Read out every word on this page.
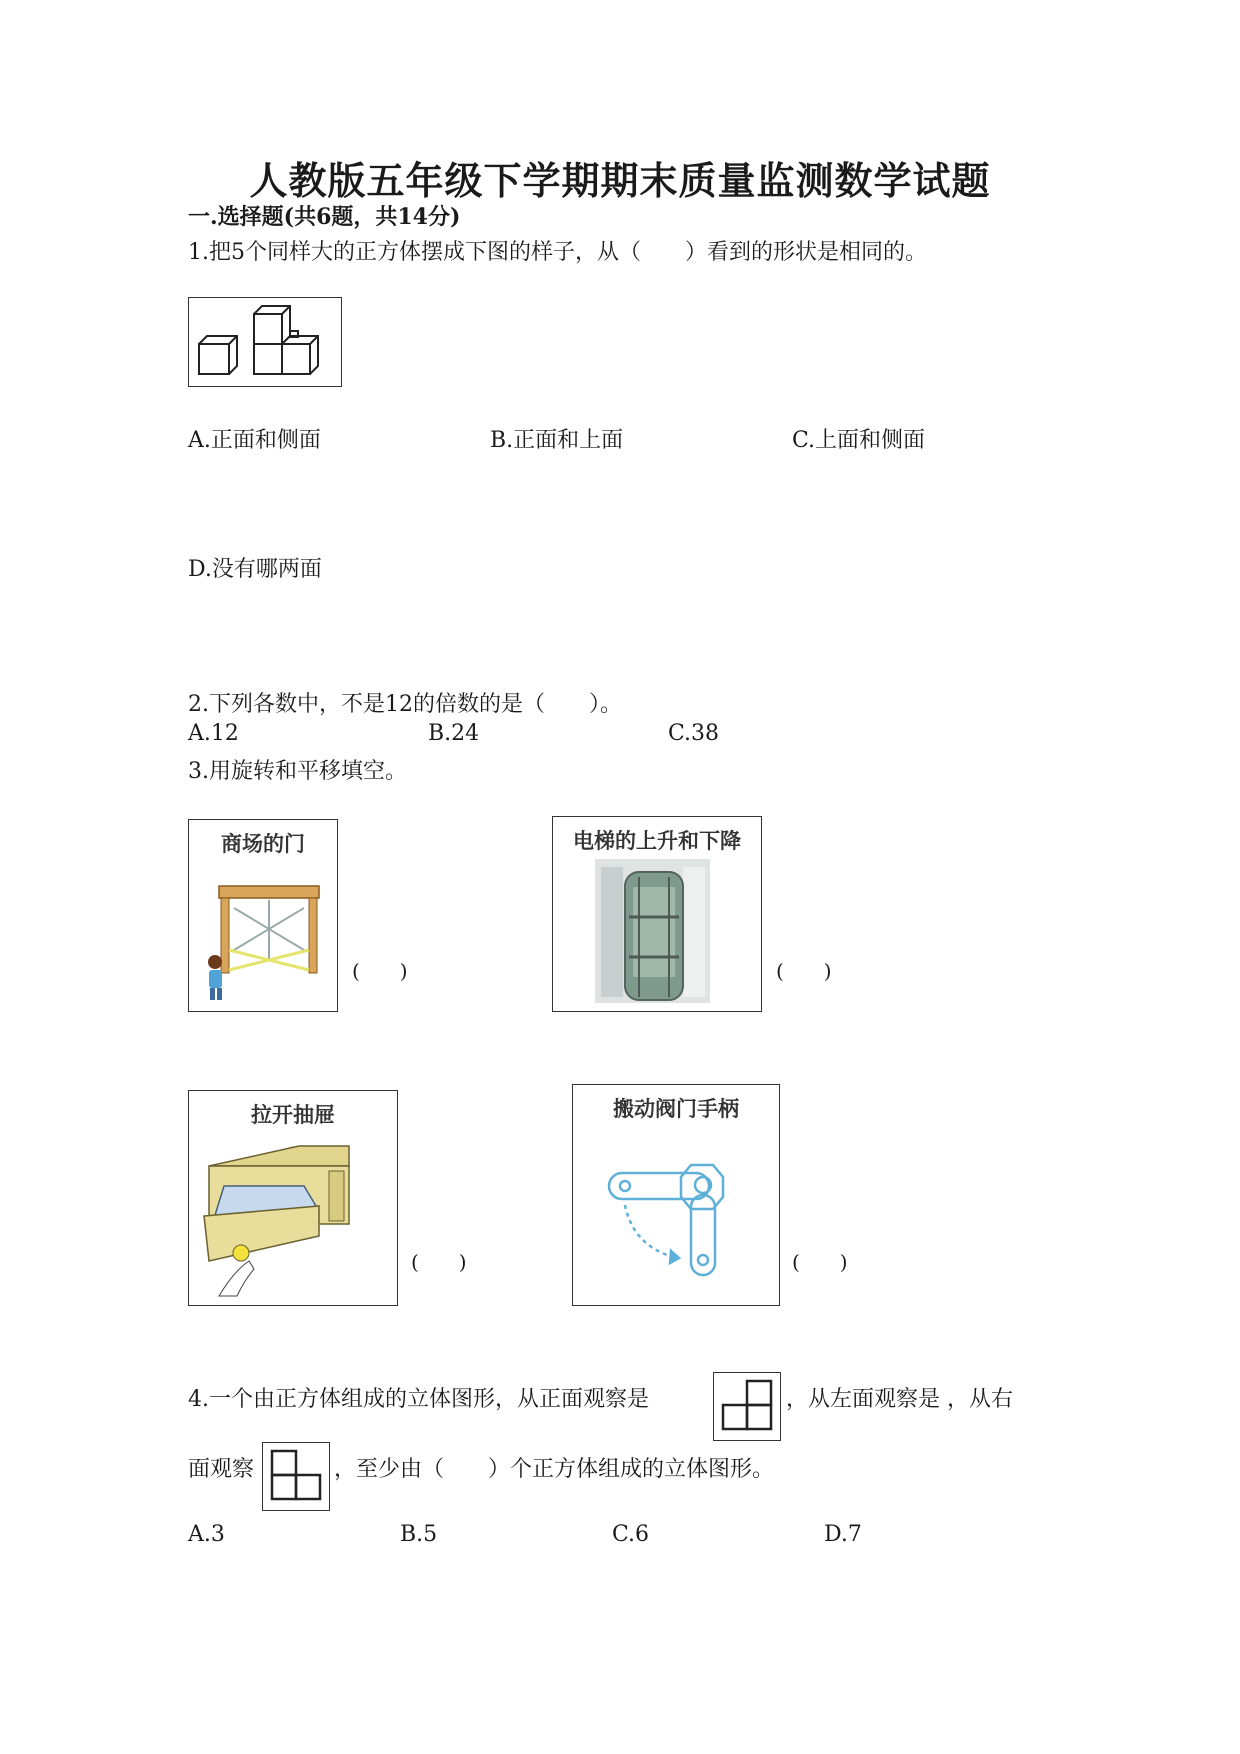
人教版五年级下学期期末质量监测数学试题
一.选择题(共6题，共14分)
1.把5个同样大的正方体摆成下图的样子，从（　　）看到的形状是相同的。
A.正面和侧面	B.正面和上面	C.上面和侧面
D.没有哪两面
2.下列各数中，不是12的倍数的是（　　）。
A.12	B.24	C.38
3.用旋转和平移填空。
商场的门
(　　)
电梯的上升和下降
(　　)
拉开抽屉
(　　)
搬动阀门手柄
(　　)
4.一个由正方体组成的立体图形，从正面观察是	，从左面观察是 ，从右
面观察	，至少由（　　）个正方体组成的立体图形。
A.3	B.5	C.6	D.7
